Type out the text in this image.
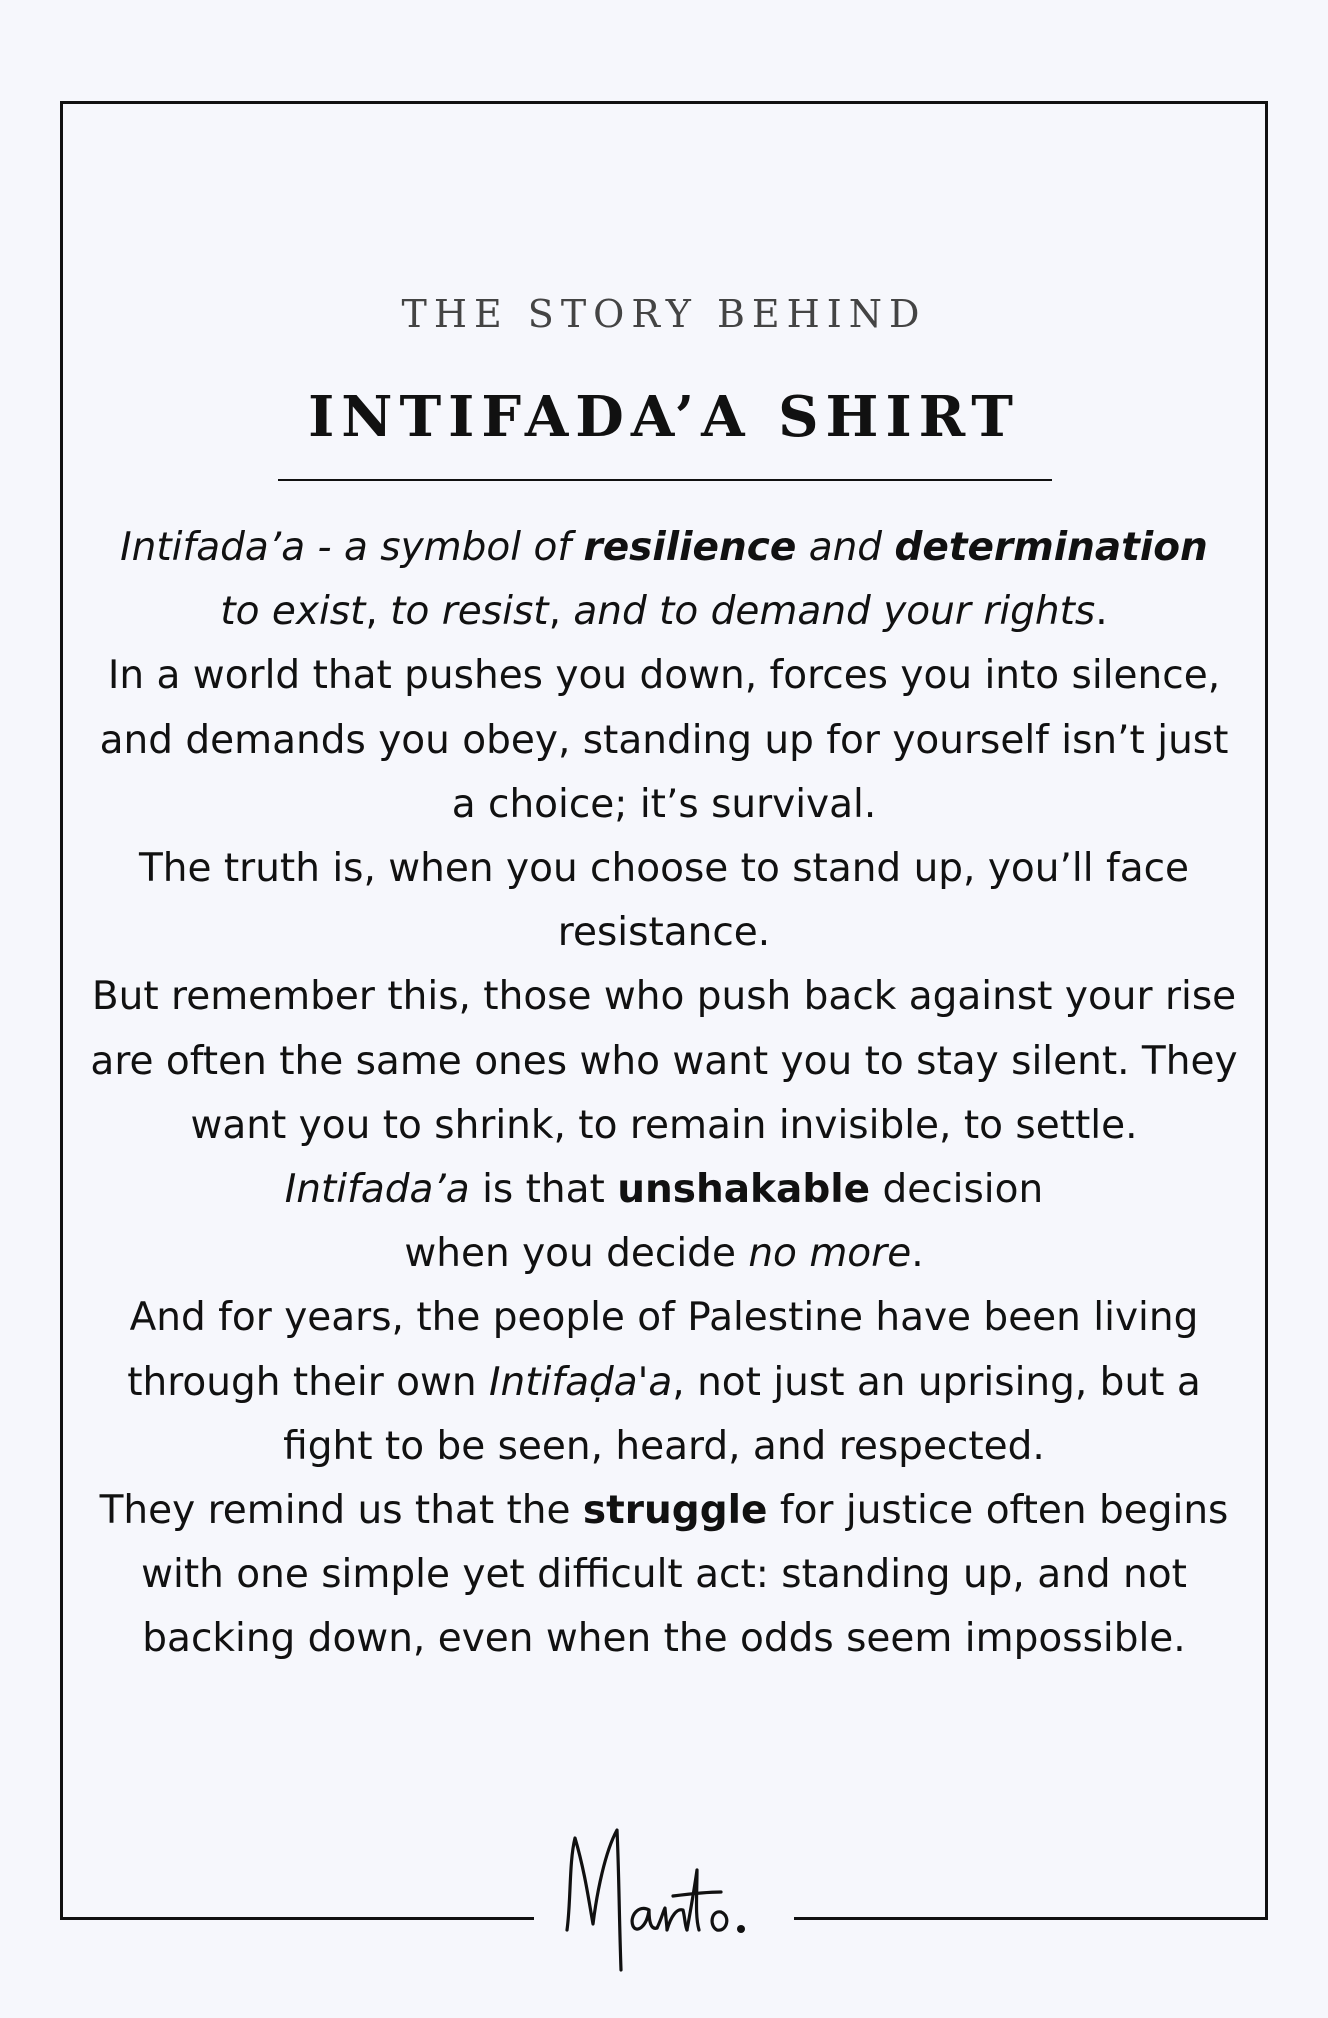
THE STORY BEHIND
INTIFADA’A SHIRT

Intifada’a - a symbol of resilience and determination

to exist, to resist, and to demand your rights.

In a world that pushes you down, forces you into silence, and demands you obey, standing up for yourself isn’t just a choice; it’s survival.

The truth is, when you choose to stand up, you’ll face resistance.

But remember this, those who push back against your rise are often the same ones who want you to stay silent. They want you to shrink, to remain invisible, to settle.

Intifada’a is that unshakable decision

when you decide no more.

And for years, the people of Palestine have been living through their own Intifaḍa'a, not just an uprising, but a fight to be seen, heard, and respected.

They remind us that the struggle for justice often begins with one simple yet difficult act: standing up, and not backing down, even when the odds seem impossible.
